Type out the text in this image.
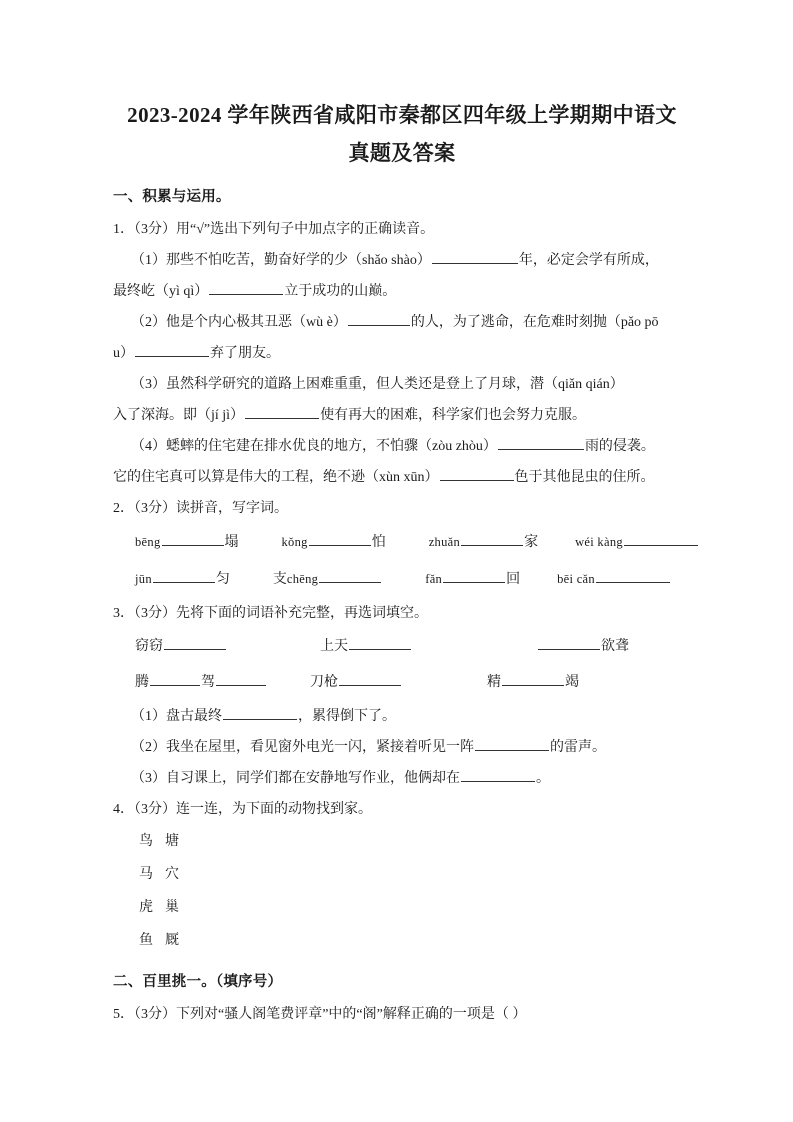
2023-2024 学年陕西省咸阳市秦都区四年级上学期期中语文
真题及答案
一、积累与运用。
1．（3分）用“√”选出下列句子中加点字的正确读音。
（1）那些不怕吃苦，勤奋好学的少（shǎo shào）	年，必定会学有所成，
最终屹（yì qì）	立于成功的山巅。
（2）他是个内心极其丑恶（wù è）	的人，为了逃命，在危难时刻抛（pǎo pō
u）	弃了朋友。
（3）虽然科学研究的道路上困难重重，但人类还是登上了月球，潜（qiǎn qián）
入了深海。即（jí jì）	使有再大的困难，科学家们也会努力克服。
（4）蟋蟀的住宅建在排水优良的地方，不怕骤（zòu zhòu）	雨的侵袭。
它的住宅真可以算是伟大的工程，绝不逊（xùn xūn）	色于其他昆虫的住所。
2．（3分）读拼音，写字词。
bēng	塌	kǒng	怕	zhuǎn	家	wéi kàng
jūn	匀	支chēng	fǎn	回	bēi cǎn
3．（3分）先将下面的词语补充完整，再选词填空。
窃窃	上天	欲聋
腾	驾	刀枪	精	竭
（1）盘古最终	，累得倒下了。
（2）我坐在屋里，看见窗外电光一闪，紧接着听见一阵	的雷声。
（3）自习课上，同学们都在安静地写作业，他俩却在	。
4．（3分）连一连，为下面的动物找到家。
鸟 塘
马 穴
虎 巢
鱼 厩
二、百里挑一。（填序号）
5．（3分）下列对“骚人阁笔费评章”中的“阁”解释正确的一项是（ ）
